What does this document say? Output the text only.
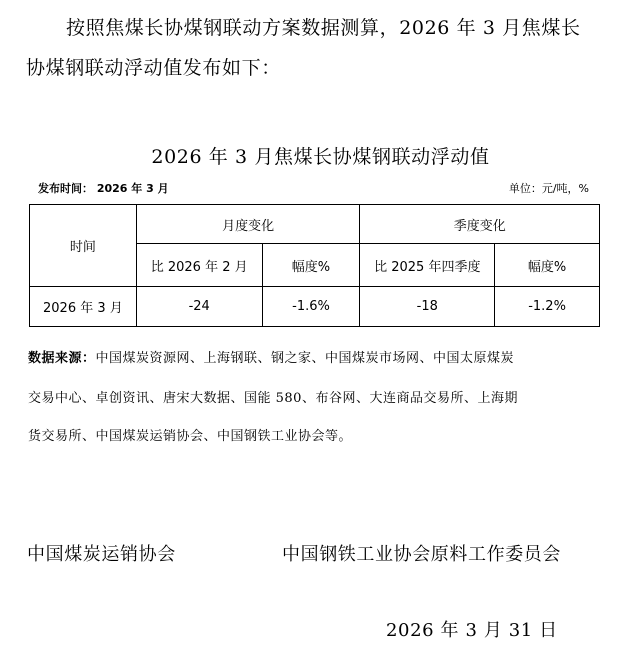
按照焦煤长协煤钢联动方案数据测算，2026 年 3 月焦煤长
协煤钢联动浮动值发布如下：
2026 年 3 月焦煤长协煤钢联动浮动值
发布时间： 2026 年 3 月	单位：元/吨，%
时间	月度变化		季度变化	
	比 2026 年 2 月	幅度%	比 2025 年四季度	幅度%
2026 年 3 月	-24	-1.6%	-18	-1.2%
数据来源：中国煤炭资源网、上海钢联、钢之家、中国煤炭市场网、中国太原煤炭
交易中心、卓创资讯、唐宋大数据、国能 580、布谷网、大连商品交易所、上海期
货交易所、中国煤炭运销协会、中国钢铁工业协会等。
中国煤炭运销协会	中国钢铁工业协会原料工作委员会
2026 年 3 月 31 日
